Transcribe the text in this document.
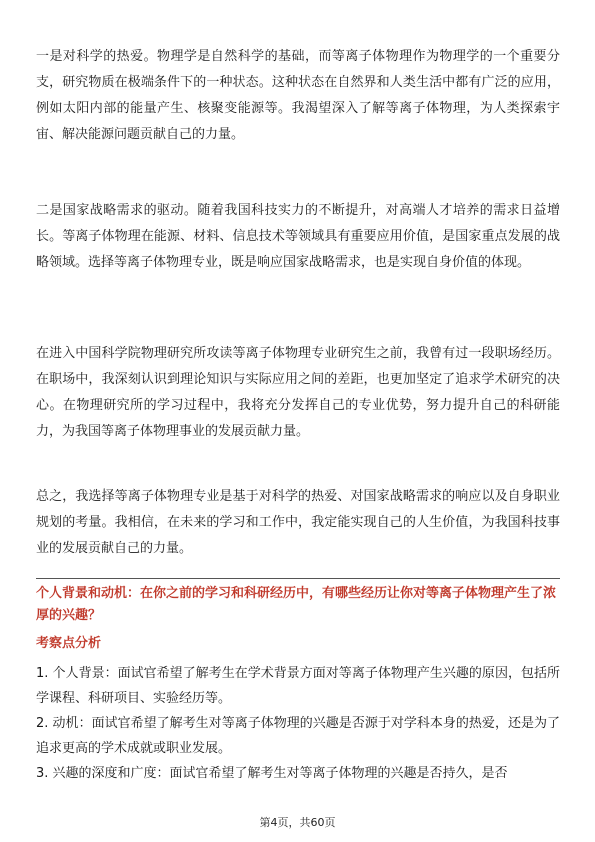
一是对科学的热爱。物理学是自然科学的基础，而等离子体物理作为物理学的一个重要分支，研究物质在极端条件下的一种状态。这种状态在自然界和人类生活中都有广泛的应用，例如太阳内部的能量产生、核聚变能源等。我渴望深入了解等离子体物理，为人类探索宇宙、解决能源问题贡献自己的力量。

二是国家战略需求的驱动。随着我国科技实力的不断提升，对高端人才培养的需求日益增长。等离子体物理在能源、材料、信息技术等领域具有重要应用价值，是国家重点发展的战略领域。选择等离子体物理专业，既是响应国家战略需求，也是实现自身价值的体现。

在进入中国科学院物理研究所攻读等离子体物理专业研究生之前，我曾有过一段职场经历。在职场中，我深刻认识到理论知识与实际应用之间的差距，也更加坚定了追求学术研究的决心。在物理研究所的学习过程中，我将充分发挥自己的专业优势，努力提升自己的科研能力，为我国等离子体物理事业的发展贡献力量。

总之，我选择等离子体物理专业是基于对科学的热爱、对国家战略需求的响应以及自身职业规划的考量。我相信，在未来的学习和工作中，我定能实现自己的人生价值，为我国科技事业的发展贡献自己的力量。

个人背景和动机：在你之前的学习和科研经历中，有哪些经历让你对等离子体物理产生了浓厚的兴趣？

考察点分析

1. 个人背景：面试官希望了解考生在学术背景方面对等离子体物理产生兴趣的原因，包括所学课程、科研项目、实验经历等。
2. 动机：面试官希望了解考生对等离子体物理的兴趣是否源于对学科本身的热爱，还是为了追求更高的学术成就或职业发展。
3. 兴趣的深度和广度：面试官希望了解考生对等离子体物理的兴趣是否持久，是否
第4页，共60页
